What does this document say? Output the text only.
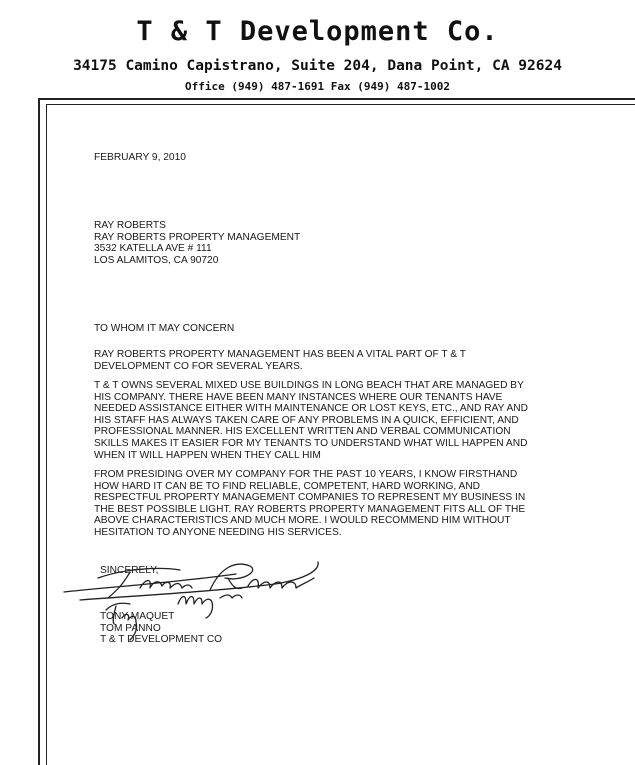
T & T Development Co.
34175 Camino Capistrano, Suite 204, Dana Point, CA 92624
Office (949) 487-1691 Fax (949) 487-1002
FEBRUARY 9, 2010
RAY ROBERTS
RAY ROBERTS PROPERTY MANAGEMENT
3532 KATELLA AVE # 111
LOS ALAMITOS, CA 90720
TO WHOM IT MAY CONCERN
RAY ROBERTS PROPERTY MANAGEMENT HAS BEEN A VITAL PART OF T & T
DEVELOPMENT CO FOR SEVERAL YEARS.
T & T OWNS SEVERAL MIXED USE BUILDINGS IN LONG BEACH THAT ARE MANAGED BY
HIS COMPANY. THERE HAVE BEEN MANY INSTANCES WHERE OUR TENANTS HAVE
NEEDED ASSISTANCE EITHER WITH MAINTENANCE OR LOST KEYS, ETC., AND RAY AND
HIS STAFF HAS ALWAYS TAKEN CARE OF ANY PROBLEMS IN A QUICK, EFFICIENT, AND
PROFESSIONAL MANNER. HIS EXCELLENT WRITTEN AND VERBAL COMMUNICATION
SKILLS MAKES IT EASIER FOR MY TENANTS TO UNDERSTAND WHAT WILL HAPPEN AND
WHEN IT WILL HAPPEN WHEN THEY CALL HIM
FROM PRESIDING OVER MY COMPANY FOR THE PAST 10 YEARS, I KNOW FIRSTHAND
HOW HARD IT CAN BE TO FIND RELIABLE, COMPETENT, HARD WORKING, AND
RESPECTFUL PROPERTY MANAGEMENT COMPANIES TO REPRESENT MY BUSINESS IN
THE BEST POSSIBLE LIGHT. RAY ROBERTS PROPERTY MANAGEMENT FITS ALL OF THE
ABOVE CHARACTERISTICS AND MUCH MORE. I WOULD RECOMMEND HIM WITHOUT
HESITATION TO ANYONE NEEDING HIS SERVICES.
SINCERELY,
TONY MAQUET
TOM PANNO
T & T DEVELOPMENT CO
